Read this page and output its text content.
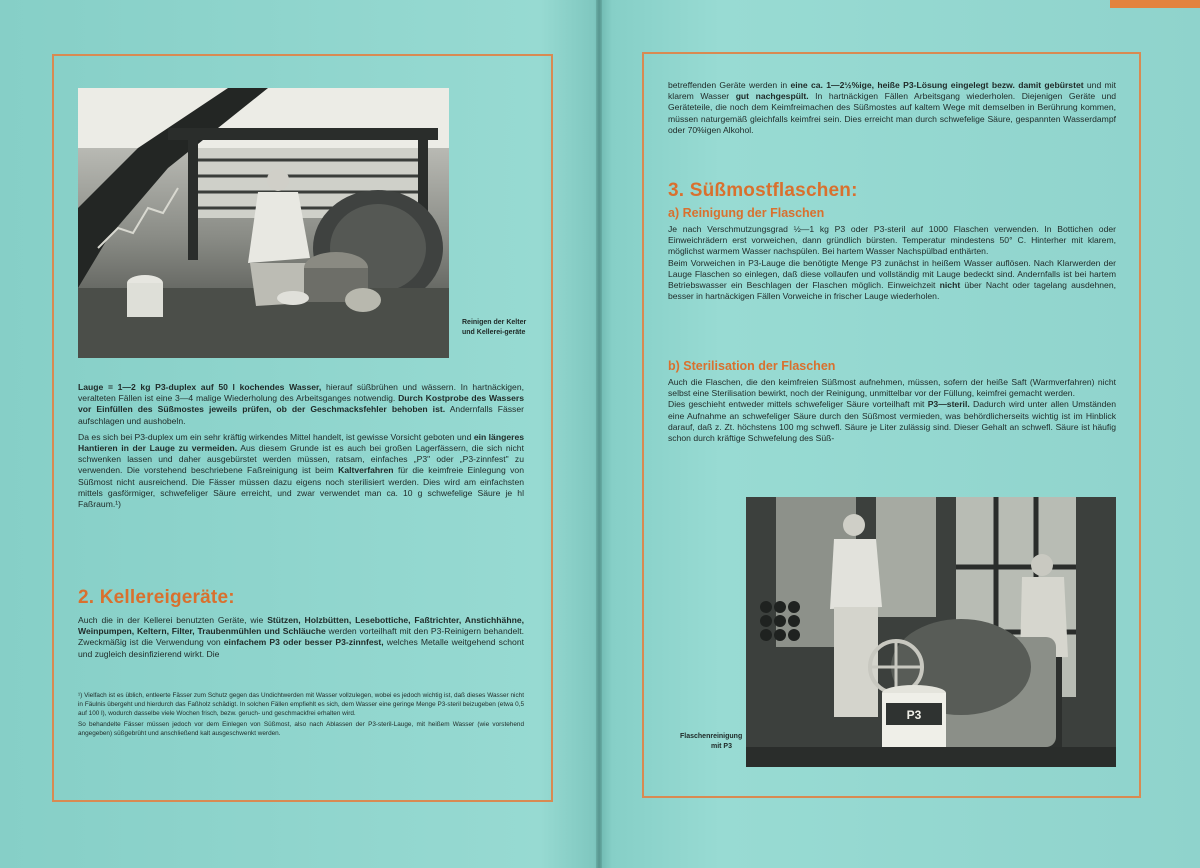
Reinigen der Kelter und Kellerei-geräte

Lauge = 1—2 kg P3-duplex auf 50 l kochendes Wasser, hierauf süßbrühen und wässern. In hartnäckigen, veralteten Fällen ist eine 3—4 malige Wiederholung des Arbeitsganges notwendig. Durch Kostprobe des Wassers vor Einfüllen des Süßmostes jeweils prüfen, ob der Geschmacksfehler behoben ist. Andernfalls Fässer aufschlagen und aushobeln.

Da es sich bei P3-duplex um ein sehr kräftig wirkendes Mittel handelt, ist gewisse Vorsicht geboten und ein längeres Hantieren in der Lauge zu vermeiden. Aus diesem Grunde ist es auch bei großen Lagerfässern, die sich nicht schwenken lassen und daher ausgebürstet werden müssen, ratsam, einfaches „P3" oder „P3-zinnfest" zu verwenden. Die vorstehend beschriebene Faßreinigung ist beim Kaltverfahren für die keimfreie Einlegung von Süßmost nicht ausreichend. Die Fässer müssen dazu eigens noch sterilisiert werden. Dies wird am einfachsten mittels gasförmiger, schwefeliger Säure erreicht, und zwar verwendet man ca. 10 g schwefelige Säure je hl Faßraum.¹)

2. Kellereigeräte:

Auch die in der Kellerei benutzten Geräte, wie Stützen, Holzbütten, Lesebottiche, Faßtrichter, Anstichhähne, Weinpumpen, Keltern, Filter, Traubenmühlen und Schläuche werden vorteilhaft mit den P3-Reinigern behandelt. Zweckmäßig ist die Verwendung von einfachem P3 oder besser P3-zinnfest, welches Metalle weitgehend schont und zugleich desinfizierend wirkt. Die

¹) Vielfach ist es üblich, entleerte Fässer zum Schutz gegen das Undichtwerden mit Wasser vollzulegen, wobei es jedoch wichtig ist, daß dieses Wasser nicht in Fäulnis übergeht und hierdurch das Faßholz schädigt. In solchen Fällen empfiehlt es sich, dem Wasser eine geringe Menge P3-steril beizugeben (etwa 0,5 auf 100 l), wodurch dasselbe viele Wochen frisch, bezw. geruch- und geschmackfrei erhalten wird.

So behandelte Fässer müssen jedoch vor dem Einlegen von Süßmost, also nach Ablassen der P3-steril-Lauge, mit heißem Wasser (wie vorstehend angegeben) süßgebrüht und anschließend kalt ausgeschwenkt werden.

betreffenden Geräte werden in eine ca. 1—2½%ige, heiße P3-Lösung eingelegt bezw. damit gebürstet und mit klarem Wasser gut nachgespült. In hartnäckigen Fällen Arbeitsgang wiederholen. Diejenigen Geräte und Geräteteile, die noch dem Keimfreimachen des Süßmostes auf kaltem Wege mit demselben in Berührung kommen, müssen naturgemäß gleichfalls keimfrei sein. Dies erreicht man durch schwefelige Säure, gespannten Wasserdampf oder 70%igen Alkohol.

3. Süßmostflaschen:
a) Reinigung der Flaschen

Je nach Verschmutzungsgrad ½—1 kg P3 oder P3-steril auf 1000 Flaschen verwenden. In Bottichen oder Einweichrädern erst vorweichen, dann gründlich bürsten. Temperatur mindestens 50° C. Hinterher mit klarem, möglichst warmem Wasser nachspülen. Bei hartem Wasser Nachspülbad enthärten.

Beim Vorweichen in P3-Lauge die benötigte Menge P3 zunächst in heißem Wasser auflösen. Nach Klarwerden der Lauge Flaschen so einlegen, daß diese vollaufen und vollständig mit Lauge bedeckt sind. Andernfalls ist bei hartem Betriebswasser ein Beschlagen der Flaschen möglich. Einweichzeit nicht über Nacht oder tagelang ausdehnen, besser in hartnäckigen Fällen Vorweiche in frischer Lauge wiederholen.

b) Sterilisation der Flaschen

Auch die Flaschen, die den keimfreien Süßmost aufnehmen, müssen, sofern der heiße Saft (Warmverfahren) nicht selbst eine Sterilisation bewirkt, noch der Reinigung, unmittelbar vor der Füllung, keimfrei gemacht werden.

Dies geschieht entweder mittels schwefeliger Säure vorteilhaft mit P3—steril. Dadurch wird unter allen Umständen eine Aufnahme an schwefeliger Säure durch den Süßmost vermieden, was behördlicherseits wichtig ist im Hinblick darauf, daß z. Zt. höchstens 100 mg schwefl. Säure je Liter zulässig sind. Dieser Gehalt an schwefl. Säure ist häufig schon durch kräftige Schwefelung des Süß-

P3
Flaschenreinigung mit P3
